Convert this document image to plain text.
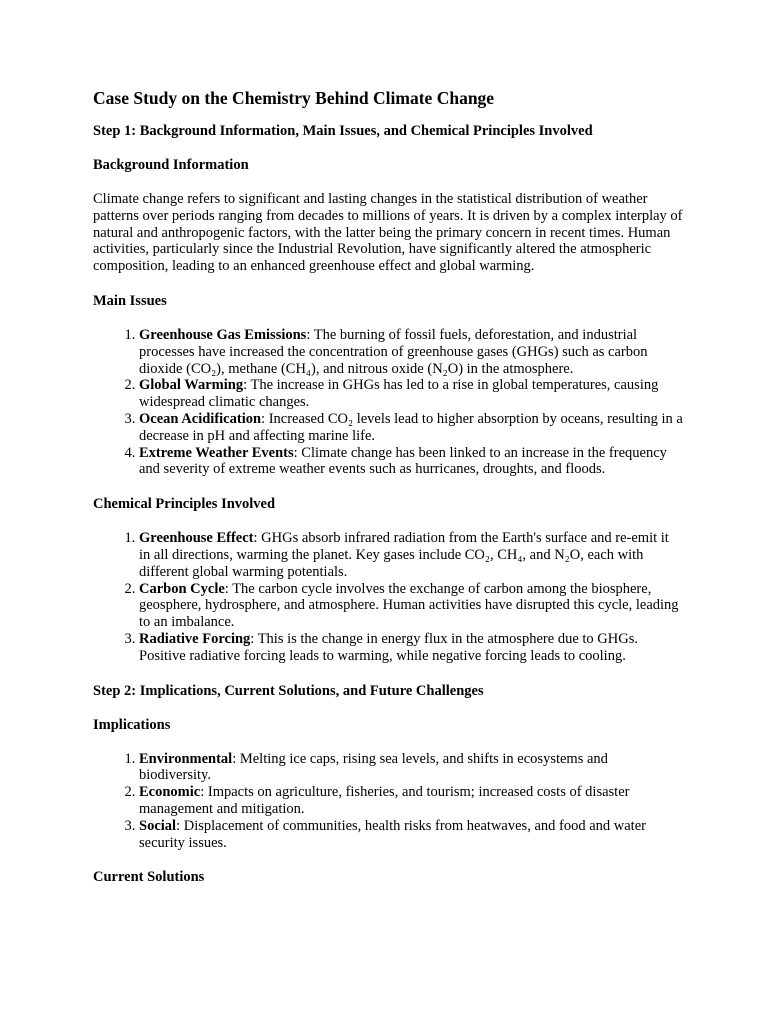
Case Study on the Chemistry Behind Climate Change
Step 1: Background Information, Main Issues, and Chemical Principles Involved
Background Information

Climate change refers to significant and lasting changes in the statistical distribution of weather patterns over periods ranging from decades to millions of years. It is driven by a complex interplay of natural and anthropogenic factors, with the latter being the primary concern in recent times. Human activities, particularly since the Industrial Revolution, have significantly altered the atmospheric composition, leading to an enhanced greenhouse effect and global warming.

Main Issues
1. Greenhouse Gas Emissions: The burning of fossil fuels, deforestation, and industrial processes have increased the concentration of greenhouse gases (GHGs) such as carbon dioxide (CO₂), methane (CH₄), and nitrous oxide (N₂O) in the atmosphere.
2. Global Warming: The increase in GHGs has led to a rise in global temperatures, causing widespread climatic changes.
3. Ocean Acidification: Increased CO₂ levels lead to higher absorption by oceans, resulting in a decrease in pH and affecting marine life.
4. Extreme Weather Events: Climate change has been linked to an increase in the frequency and severity of extreme weather events such as hurricanes, droughts, and floods.
Chemical Principles Involved
1. Greenhouse Effect: GHGs absorb infrared radiation from the Earth's surface and re-emit it in all directions, warming the planet. Key gases include CO₂, CH₄, and N₂O, each with different global warming potentials.
2. Carbon Cycle: The carbon cycle involves the exchange of carbon among the biosphere, geosphere, hydrosphere, and atmosphere. Human activities have disrupted this cycle, leading to an imbalance.
3. Radiative Forcing: This is the change in energy flux in the atmosphere due to GHGs. Positive radiative forcing leads to warming, while negative forcing leads to cooling.
Step 2: Implications, Current Solutions, and Future Challenges
Implications
1. Environmental: Melting ice caps, rising sea levels, and shifts in ecosystems and biodiversity.
2. Economic: Impacts on agriculture, fisheries, and tourism; increased costs of disaster management and mitigation.
3. Social: Displacement of communities, health risks from heatwaves, and food and water security issues.
Current Solutions
